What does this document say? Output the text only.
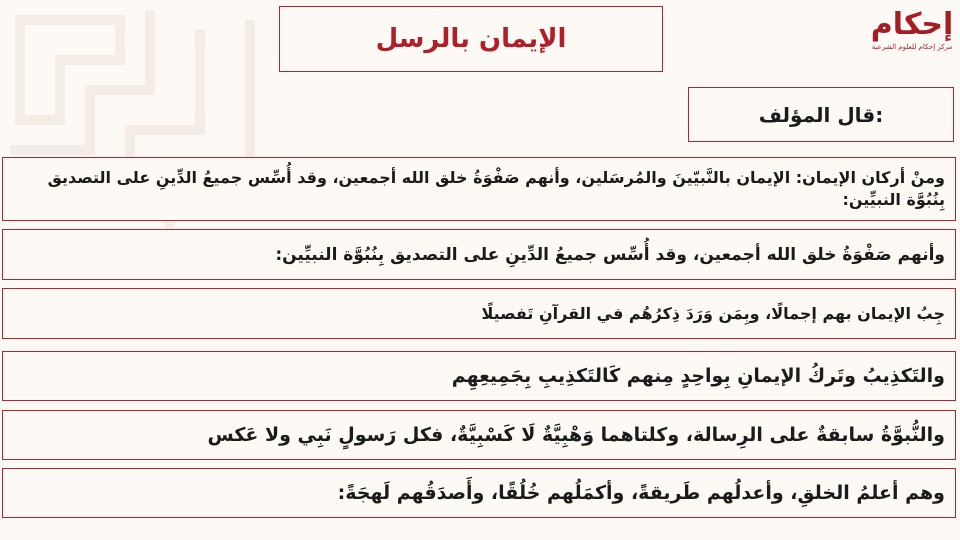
إحكام
مركز إحكام للعلوم الشرعية
الإيمان بالرسل
قال المؤلف:
ومنْ أركان الإيمان: الإيمان بالنَّبيّينَ والمُرسَلين، وأنهم صَفْوَةُ خلق الله أجمعين، وقد أُسِّس جميعُ الدِّينِ على التصديق بِنُبُوَّة النبيِّين:
وأنهم صَفْوَةُ خلق الله أجمعين، وقد أُسِّس جميعُ الدِّينِ على التصديق بِنُبُوَّة النبيِّين:
جِبُ الإيمان بهم إجمالًا، وبِمَن وَرَدَ ذِكرُهُم في القرآنِ تَفصيلًا
والتَكذِيبُ وتَركُ الإيمانِ بِواحِدٍ مِنهم كَالتَكذِيبِ بِجَمِيعِهِم
والنُّبوَّةُ سابقةٌ على الرِسالة، وكلتاهما وَهْبِيَّةٌ لَا كَسْبِيَّةٌ، فكل رَسولٍ نَبِي ولا عَكس
وهم أعلمُ الخلقِ، وأعدلُهم طَريقةً، وأكمَلُهم خُلُقًا، وأَصدَقُهم لَهجَةً:
